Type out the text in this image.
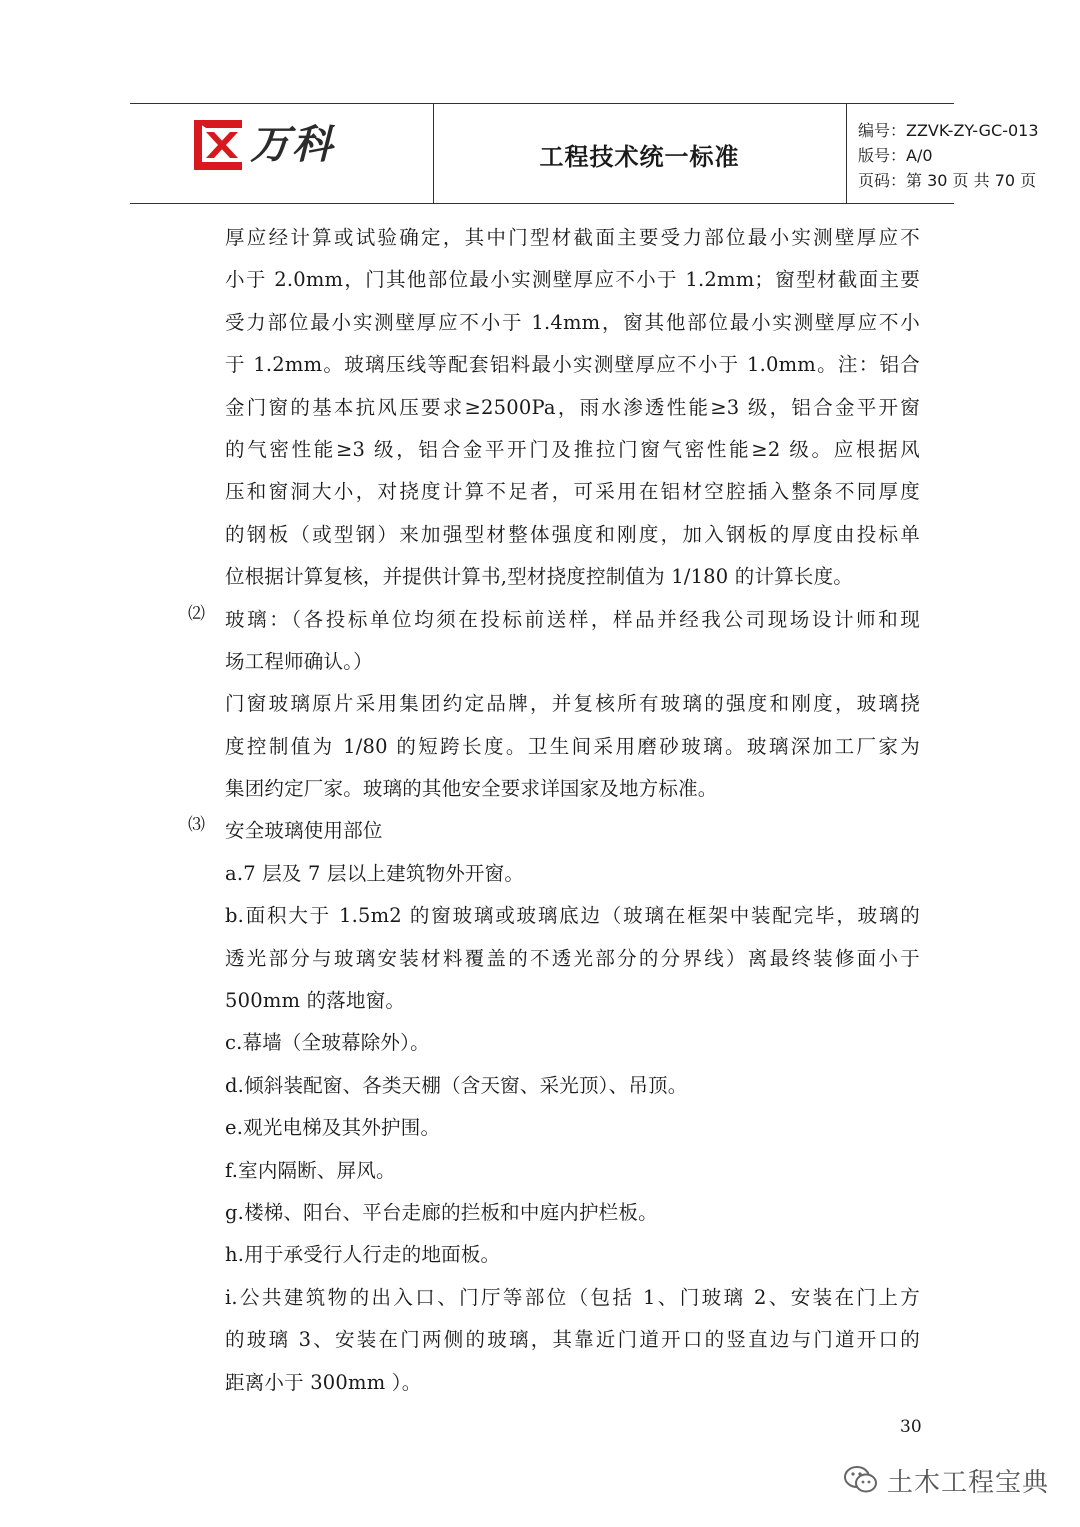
万科	工程技术统一标准
编号：ZZVK-ZY-GC-013
版号：A/0
页码：第 30 页 共 70 页
厚应经计算或试验确定，其中门型材截面主要受力部位最小实测壁厚应不
小于 2.0mm，门其他部位最小实测壁厚应不小于 1.2mm；窗型材截面主要
受力部位最小实测壁厚应不小于 1.4mm，窗其他部位最小实测壁厚应不小
于 1.2mm。玻璃压线等配套铝料最小实测壁厚应不小于 1.0mm。注：铝合
金门窗的基本抗风压要求≥2500Pa，雨水渗透性能≥3 级，铝合金平开窗
的气密性能≥3 级，铝合金平开门及推拉门窗气密性能≥2 级。应根据风
压和窗洞大小，对挠度计算不足者，可采用在铝材空腔插入整条不同厚度
的钢板（或型钢）来加强型材整体强度和刚度，加入钢板的厚度由投标单
位根据计算复核，并提供计算书,型材挠度控制值为 1/180 的计算长度。
⑵ 玻璃：（各投标单位均须在投标前送样，样品并经我公司现场设计师和现
场工程师确认。）
门窗玻璃原片采用集团约定品牌，并复核所有玻璃的强度和刚度，玻璃挠
度控制值为 1/80 的短跨长度。卫生间采用磨砂玻璃。玻璃深加工厂家为
集团约定厂家。玻璃的其他安全要求详国家及地方标准。
⑶ 安全玻璃使用部位
a.7 层及 7 层以上建筑物外开窗。
b.面积大于 1.5m2 的窗玻璃或玻璃底边（玻璃在框架中装配完毕，玻璃的
透光部分与玻璃安装材料覆盖的不透光部分的分界线）离最终装修面小于
500mm 的落地窗。
c.幕墙（全玻幕除外）。
d.倾斜装配窗、各类天棚（含天窗、采光顶）、吊顶。
e.观光电梯及其外护围。
f.室内隔断、屏风。
g.楼梯、阳台、平台走廊的拦板和中庭内护栏板。
h.用于承受行人行走的地面板。
i.公共建筑物的出入口、门厅等部位（包括 1、门玻璃 2、安装在门上方
的玻璃 3、安装在门两侧的玻璃，其靠近门道开口的竖直边与门道开口的
距离小于 300mm ）。
30
土木工程宝典
